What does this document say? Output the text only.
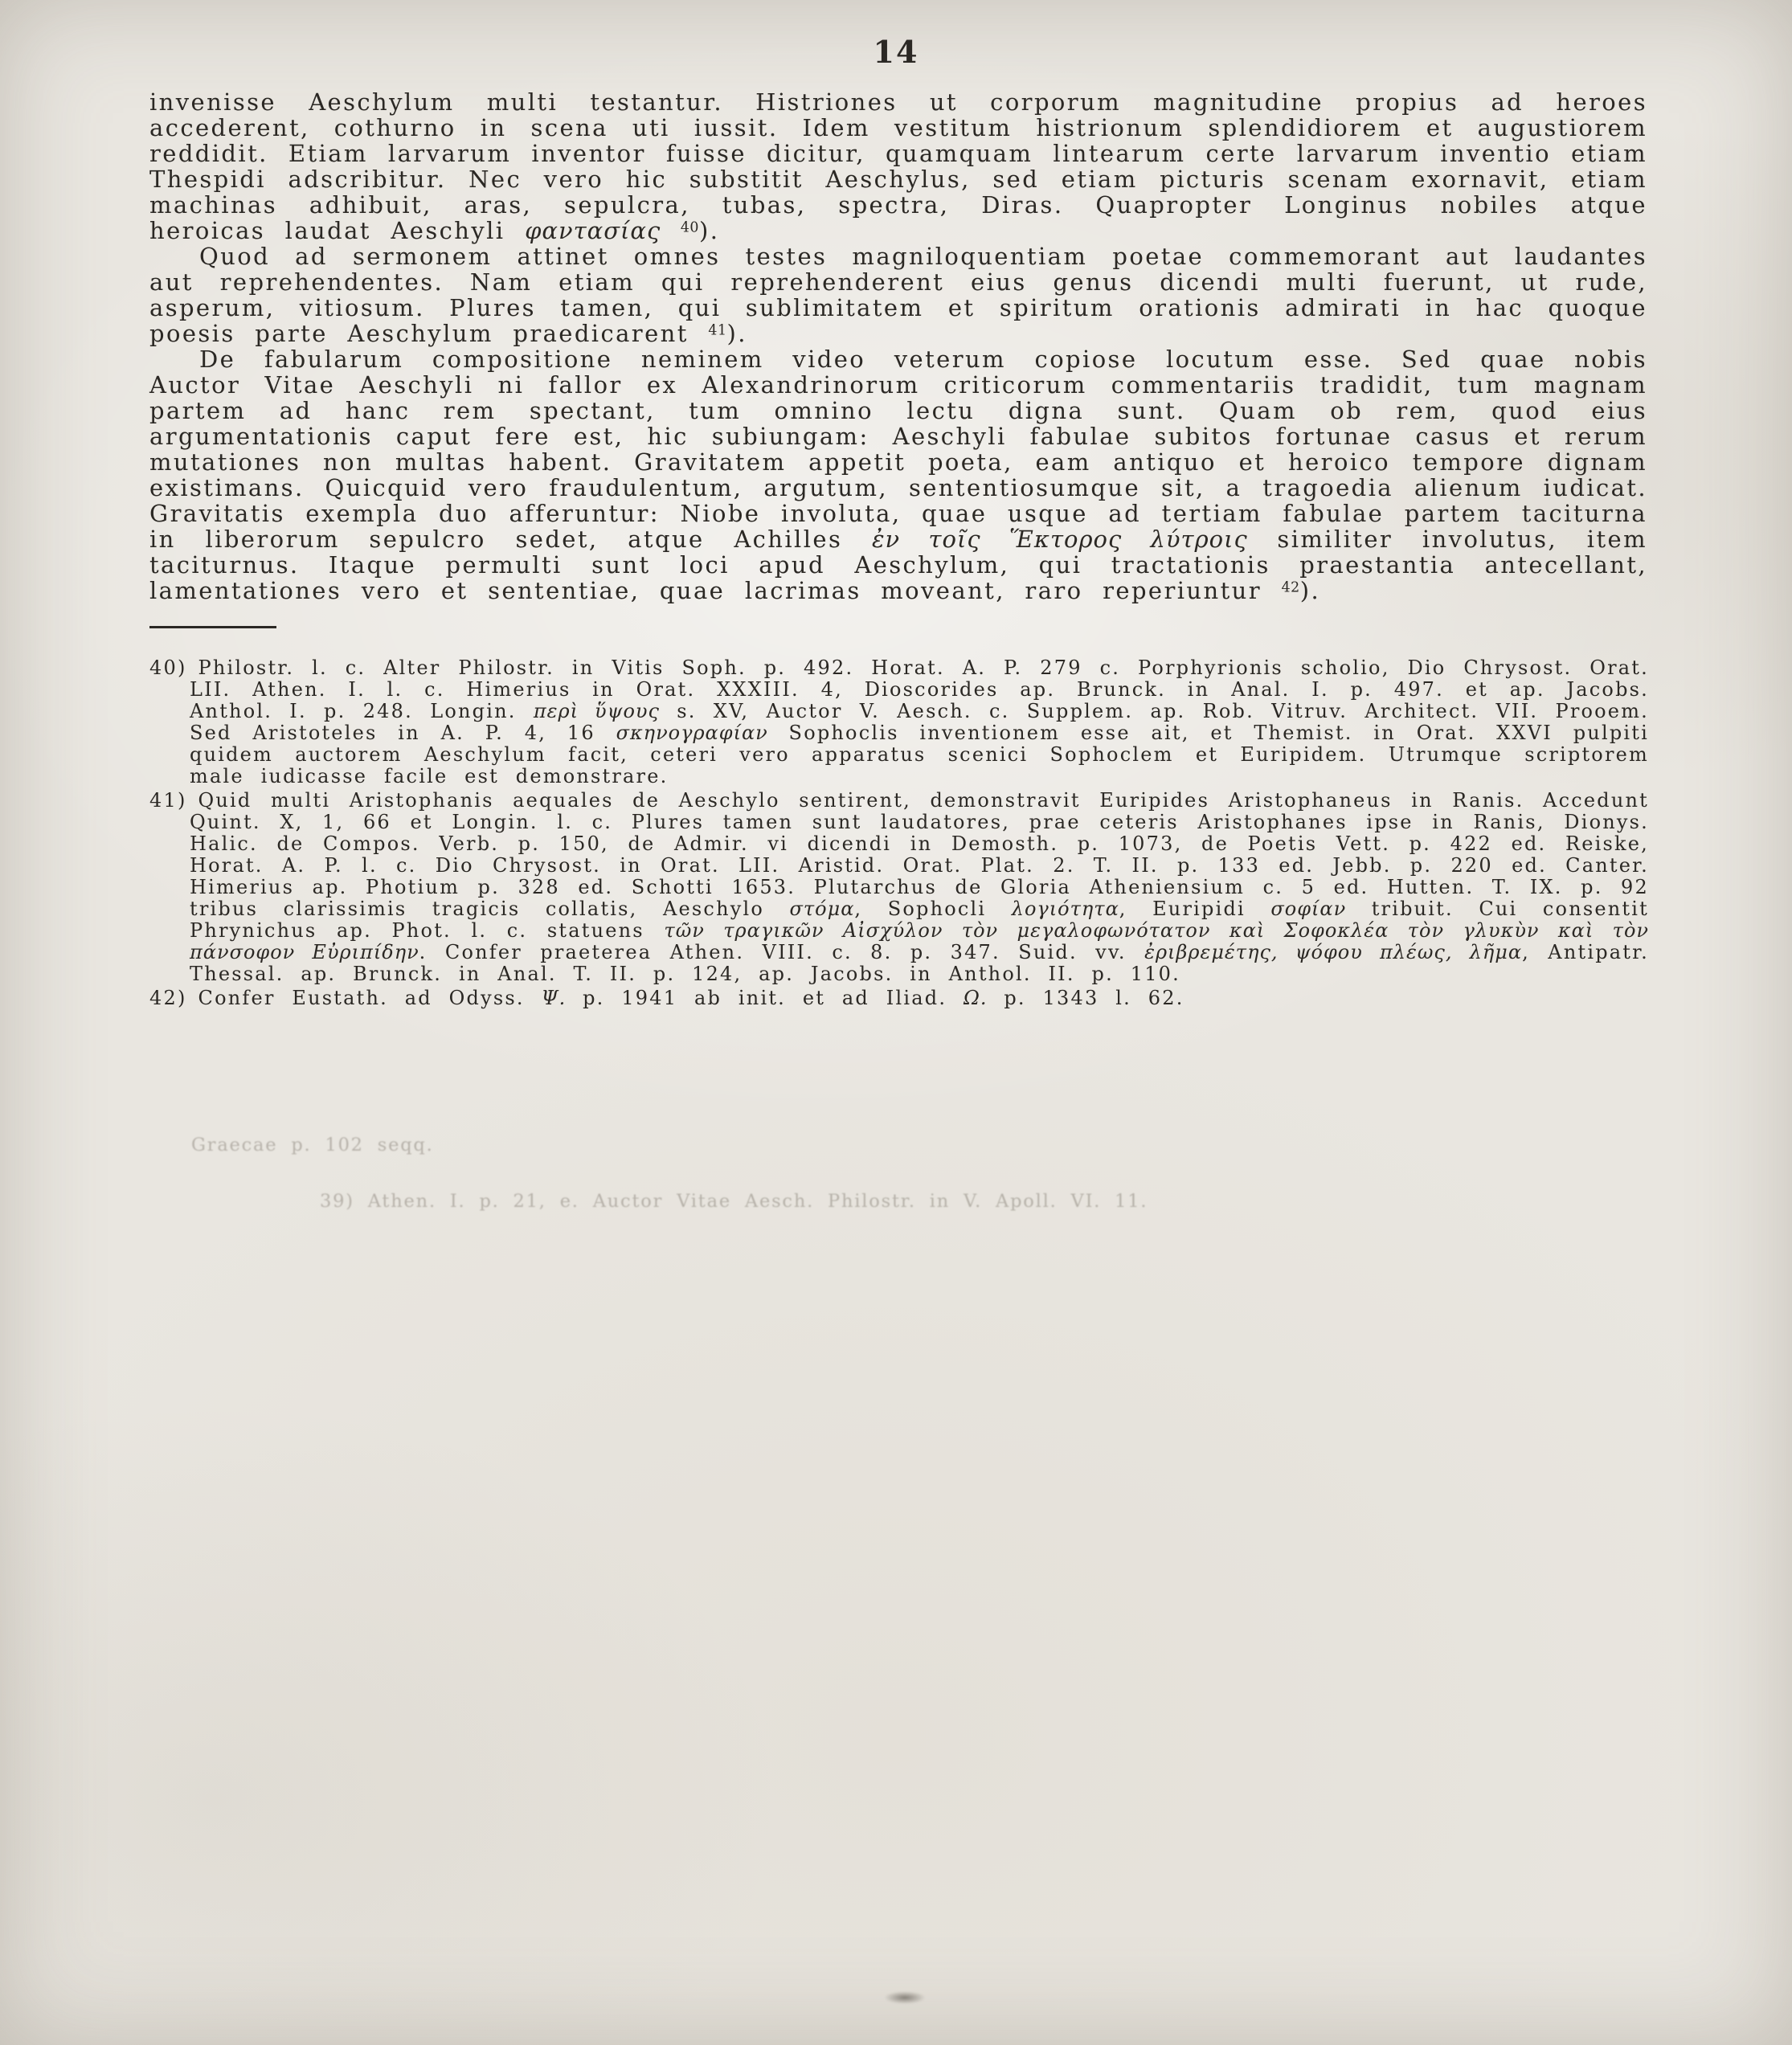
14

invenisse Aeschylum multi testantur. Histriones ut corporum magnitudine propius ad heroes accederent, cothurno in scena uti iussit. Idem vestitum histrionum splendidiorem et augustiorem reddidit. Etiam larvarum inventor fuisse dicitur, quamquam lintearum certe larvarum inventio etiam Thespidi adscribitur. Nec vero hic substitit Aeschylus, sed etiam picturis scenam exornavit, etiam machinas adhibuit, aras, sepulcra, tubas, spectra, Diras. Quapropter Longinus nobiles atque heroicas laudat Aeschyli φαντασίας $^{40}$).

Quod ad sermonem attinet omnes testes magniloquentiam poetae commemorant aut laudantes aut reprehendentes. Nam etiam qui reprehenderent eius genus dicendi multi fuerunt, ut rude, asperum, vitiosum. Plures tamen, qui sublimitatem et spiritum orationis admirati in hac quoque poesis parte Aeschylum praedicarent $^{41}$).

De fabularum compositione neminem video veterum copiose locutum esse. Sed quae nobis Auctor Vitae Aeschyli ni fallor ex Alexandrinorum criticorum commentariis tradidit, tum magnam partem ad hanc rem spectant, tum omnino lectu digna sunt. Quam ob rem, quod eius argumentationis caput fere est, hic subiungam: Aeschyli fabulae subitos fortunae casus et rerum mutationes non multas habent. Gravitatem appetit poeta, eam antiquo et heroico tempore dignam existimans. Quicquid vero fraudulentum, argutum, sententiosumque sit, a tragoedia alienum iudicat. Gravitatis exempla duo afferuntur: Niobe involuta, quae usque ad tertiam fabulae partem taciturna in liberorum sepulcro sedet, atque Achilles ἐν τοῖς Ἕκτορος λύτροις similiter involutus, item taciturnus. Itaque permulti sunt loci apud Aeschylum, qui tractationis praestantia antecellant, lamentationes vero et sententiae, quae lacrimas moveant, raro reperiuntur $^{42}$).

40) Philostr. l. c. Alter Philostr. in Vitis Soph. p. 492. Horat. A. P. 279 c. Porphyrionis scholio, Dio Chrysost. Orat. LII. Athen. I. l. c. Himerius in Orat. XXXIII. 4, Dioscorides ap. Brunck. in Anal. I. p. 497. et ap. Jacobs. Anthol. I. p. 248. Longin. περὶ ὕψους s. XV, Auctor V. Aesch. c. Supplem. ap. Rob. Vitruv. Architect. VII. Prooem. Sed Aristoteles in A. P. 4, 16 σκηνογραφίαν Sophoclis inventionem esse ait, et Themist. in Orat. XXVI pulpiti quidem auctorem Aeschylum facit, ceteri vero apparatus scenici Sophoclem et Euripidem. Utrumque scriptorem male iudicasse facile est demonstrare.
41) Quid multi Aristophanis aequales de Aeschylo sentirent, demonstravit Euripides Aristophaneus in Ranis. Accedunt Quint. X, 1, 66 et Longin. l. c. Plures tamen sunt laudatores, prae ceteris Aristophanes ipse in Ranis, Dionys. Halic. de Compos. Verb. p. 150, de Admir. vi dicendi in Demosth. p. 1073, de Poetis Vett. p. 422 ed. Reiske, Horat. A. P. l. c. Dio Chrysost. in Orat. LII. Aristid. Orat. Plat. 2. T. II. p. 133 ed. Jebb. p. 220 ed. Canter. Himerius ap. Photium p. 328 ed. Schotti 1653. Plutarchus de Gloria Atheniensium c. 5 ed. Hutten. T. IX. p. 92 tribus clarissimis tragicis collatis, Aeschylo στόμα, Sophocli λογιότητα, Euripidi σοφίαν tribuit. Cui consentit Phrynichus ap. Phot. l. c. statuens τῶν τραγικῶν Αἰσχύλον τὸν μεγαλοφωνότατον καὶ Σοφοκλέα τὸν γλυκὺν καὶ τὸν πάνσοφον Εὐριπίδην. Confer praeterea Athen. VIII. c. 8. p. 347. Suid. vv. ἐριβρεμέτης, ψόφου πλέως, λῆμα, Antipatr. Thessal. ap. Brunck. in Anal. T. II. p. 124, ap. Jacobs. in Anthol. II. p. 110.
42) Confer Eustath. ad Odyss. Ψ. p. 1941 ab init. et ad Iliad. Ω. p. 1343 l. 62.
Graecae p. 102 seqq.
39) Athen. I. p. 21, e. Auctor Vitae Aesch. Philostr. in V. Apoll. VI. 11.
